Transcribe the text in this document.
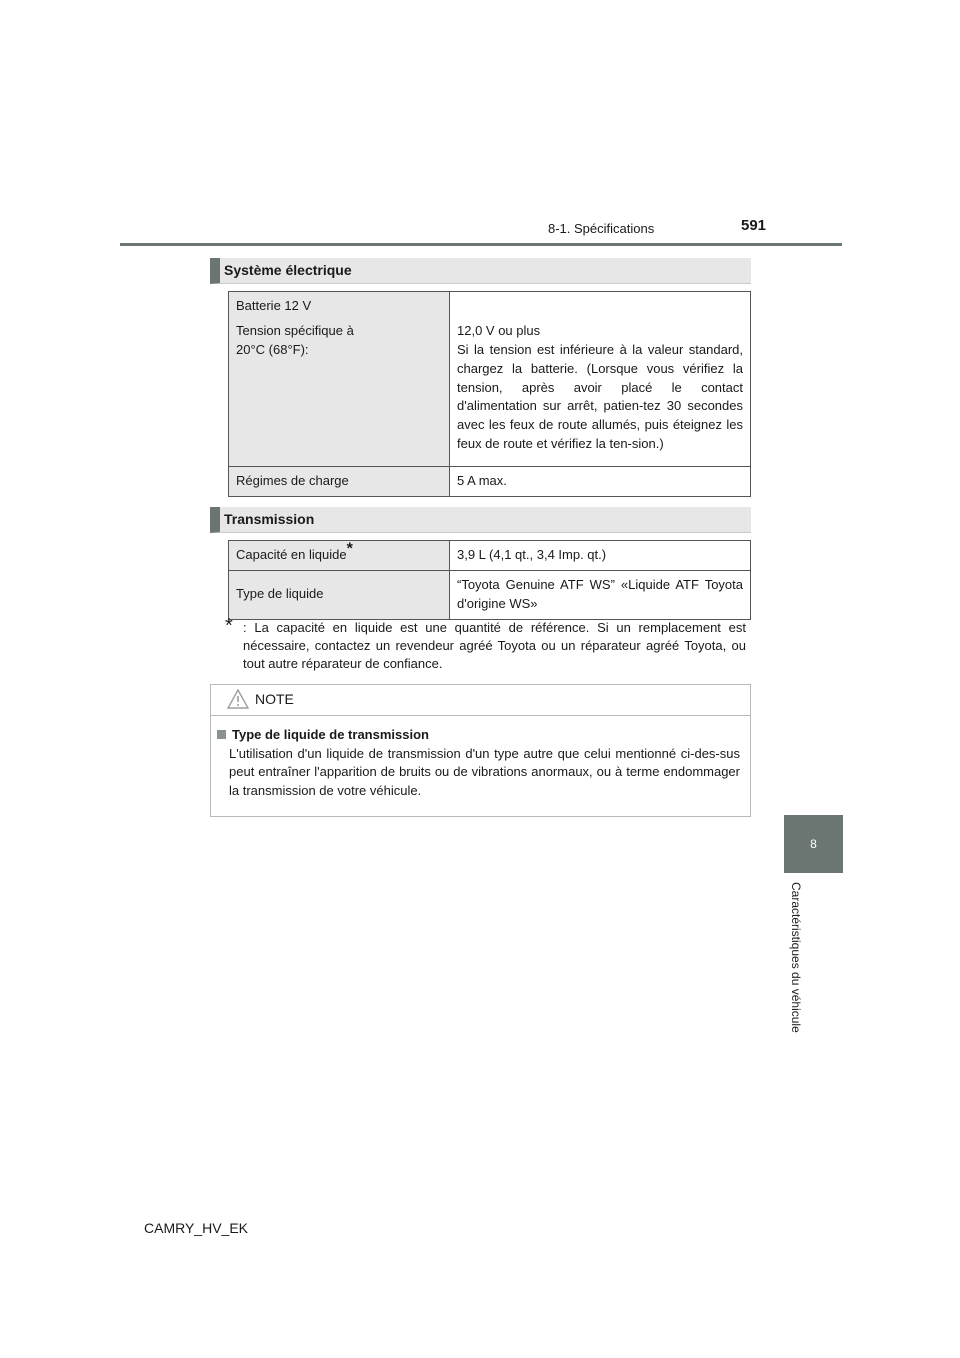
8-1. Spécifications	591
8
Caractéristiques du véhicule
Système électrique
Batterie 12 V
Tension spécifique à 20°C (68°F):	12,0 V ou plus
Si la tension est inférieure à la valeur standard, chargez la batterie. (Lorsque vous vérifiez la tension, après avoir placé le contact d'alimentation sur arrêt, patien-tez 30 secondes avec les feux de route allumés, puis éteignez les feux de route et vérifiez la ten-sion.)

Régimes de charge	5 A max.
Transmission
Capacité en liquide*	3,9 L (4,1 qt., 3,4 Imp. qt.)
Type de liquide	“Toyota Genuine ATF WS” «Liquide ATF Toyota d'origine WS»
* : La capacité en liquide est une quantité de référence. Si un remplacement est nécessaire, contactez un revendeur agréé Toyota ou un réparateur agréé Toyota, ou tout autre réparateur de confiance.
NOTE
Type de liquide de transmission
L'utilisation d'un liquide de transmission d'un type autre que celui mentionné ci-des-sus peut entraîner l'apparition de bruits ou de vibrations anormaux, ou à terme endommager la transmission de votre véhicule.
CAMRY_HV_EK
